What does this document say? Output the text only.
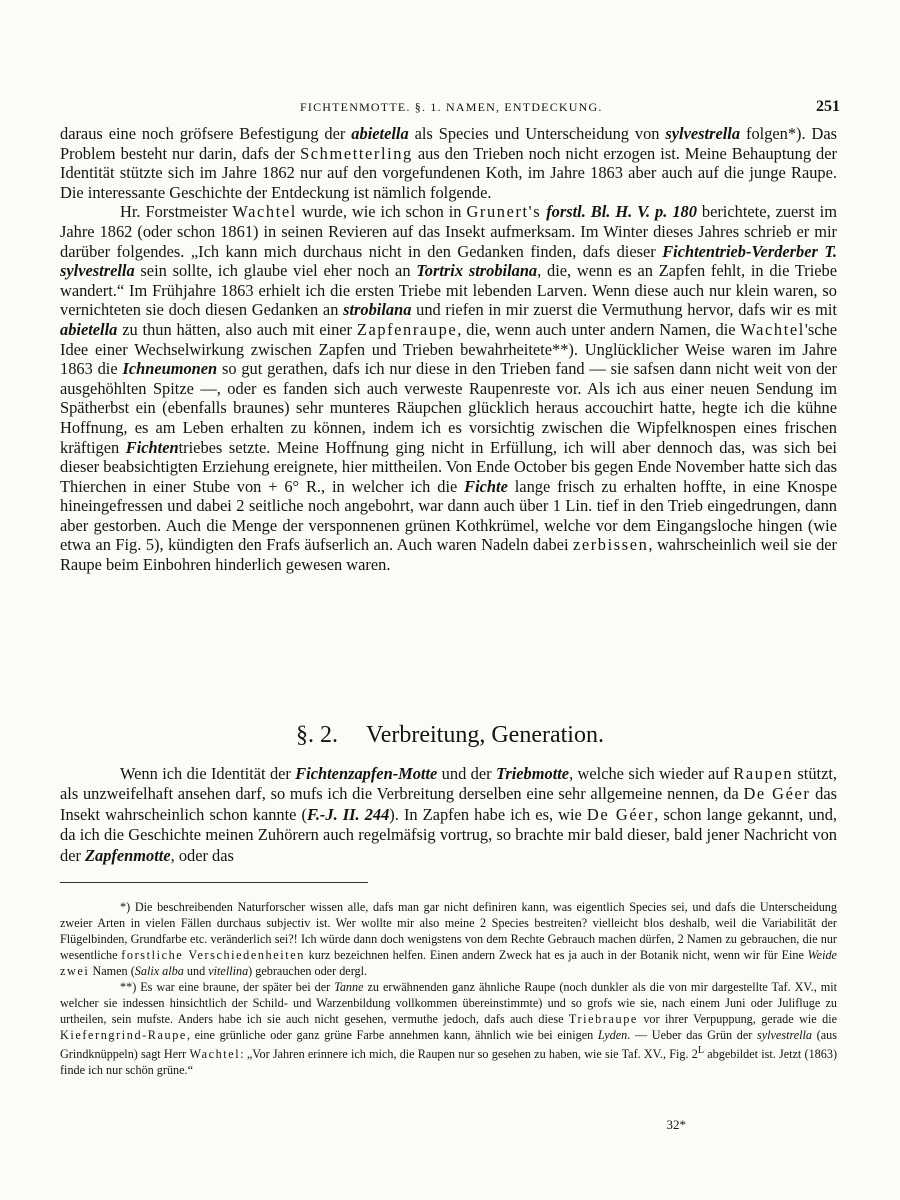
FICHTENMOTTE. §. 1. NAMEN, ENTDECKUNG.	251

daraus eine noch gröfsere Befestigung der abietella als Species und Unterscheidung von sylvestrella folgen*). Das Problem besteht nur darin, dafs der Schmetterling aus den Trieben noch nicht erzogen ist. Meine Behauptung der Identität stützte sich im Jahre 1862 nur auf den vorgefundenen Koth, im Jahre 1863 aber auch auf die junge Raupe. Die interessante Geschichte der Entdeckung ist nämlich folgende.

Hr. Forstmeister Wachtel wurde, wie ich schon in Grunert's forstl. Bl. H. V. p. 180 berichtete, zuerst im Jahre 1862 (oder schon 1861) in seinen Revieren auf das Insekt aufmerksam. Im Winter dieses Jahres schrieb er mir darüber folgendes. „Ich kann mich durchaus nicht in den Gedanken finden, dafs dieser Fichtentrieb-Verderber T. sylvestrella sein sollte, ich glaube viel eher noch an Tortrix strobilana, die, wenn es an Zapfen fehlt, in die Triebe wandert.“ Im Frühjahre 1863 erhielt ich die ersten Triebe mit lebenden Larven. Wenn diese auch nur klein waren, so vernichteten sie doch diesen Gedanken an strobilana und riefen in mir zuerst die Vermuthung hervor, dafs wir es mit abietella zu thun hätten, also auch mit einer Zapfenraupe, die, wenn auch unter andern Namen, die Wachtel'sche Idee einer Wechselwirkung zwischen Zapfen und Trieben bewahrheitete**). Unglücklicher Weise waren im Jahre 1863 die Ichneumonen so gut gerathen, dafs ich nur diese in den Trieben fand — sie safsen dann nicht weit von der ausgehöhlten Spitze —, oder es fanden sich auch verweste Raupenreste vor. Als ich aus einer neuen Sendung im Spätherbst ein (ebenfalls braunes) sehr munteres Räupchen glücklich heraus accouchirt hatte, hegte ich die kühne Hoffnung, es am Leben erhalten zu können, indem ich es vorsichtig zwischen die Wipfelknospen eines frischen kräftigen Fichtentriebes setzte. Meine Hoffnung ging nicht in Erfüllung, ich will aber dennoch das, was sich bei dieser beabsichtigten Erziehung ereignete, hier mittheilen. Von Ende October bis gegen Ende November hatte sich das Thierchen in einer Stube von + 6° R., in welcher ich die Fichte lange frisch zu erhalten hoffte, in eine Knospe hineingefressen und dabei 2 seitliche noch angebohrt, war dann auch über 1 Lin. tief in den Trieb eingedrungen, dann aber gestorben. Auch die Menge der versponnenen grünen Kothkrümel, welche vor dem Eingangsloche hingen (wie etwa an Fig. 5), kündigten den Frafs äufserlich an. Auch waren Nadeln dabei zerbissen, wahrscheinlich weil sie der Raupe beim Einbohren hinderlich gewesen waren.

§. 2. Verbreitung, Generation.

Wenn ich die Identität der Fichtenzapfen-Motte und der Triebmotte, welche sich wieder auf Raupen stützt, als unzweifelhaft ansehen darf, so mufs ich die Verbreitung derselben eine sehr allgemeine nennen, da De Géer das Insekt wahrscheinlich schon kannte (F.-J. II. 244). In Zapfen habe ich es, wie De Géer, schon lange gekannt, und, da ich die Geschichte meinen Zuhörern auch regelmäfsig vortrug, so brachte mir bald dieser, bald jener Nachricht von der Zapfenmotte, oder das

*) Die beschreibenden Naturforscher wissen alle, dafs man gar nicht definiren kann, was eigentlich Species sei, und dafs die Unterscheidung zweier Arten in vielen Fällen durchaus subjectiv ist. Wer wollte mir also meine 2 Species bestreiten? vielleicht blos deshalb, weil die Variabilität der Flügelbinden, Grundfarbe etc. veränderlich sei?! Ich würde dann doch wenigstens von dem Rechte Gebrauch machen dürfen, 2 Namen zu gebrauchen, die nur wesentliche forstliche Verschiedenheiten kurz bezeichnen helfen. Einen andern Zweck hat es ja auch in der Botanik nicht, wenn wir für Eine Weide zwei Namen (Salix alba und vitellina) gebrauchen oder dergl.

**) Es war eine braune, der später bei der Tanne zu erwähnenden ganz ähnliche Raupe (noch dunkler als die von mir dargestellte Taf. XV., mit welcher sie indessen hinsichtlich der Schild- und Warzenbildung vollkommen übereinstimmte) und so grofs wie sie, nach einem Juni oder Julifluge zu urtheilen, sein mufste. Anders habe ich sie auch nicht gesehen, vermuthe jedoch, dafs auch diese Triebraupe vor ihrer Verpuppung, gerade wie die Kieferngrind-Raupe, eine grünliche oder ganz grüne Farbe annehmen kann, ähnlich wie bei einigen Lyden. — Ueber das Grün der sylvestrella (aus Grindknüppeln) sagt Herr Wachtel: „Vor Jahren erinnere ich mich, die Raupen nur so gesehen zu haben, wie sie Taf. XV., Fig. $2^L$ abgebildet ist. Jetzt (1863) finde ich nur schön grüne.“

32*
